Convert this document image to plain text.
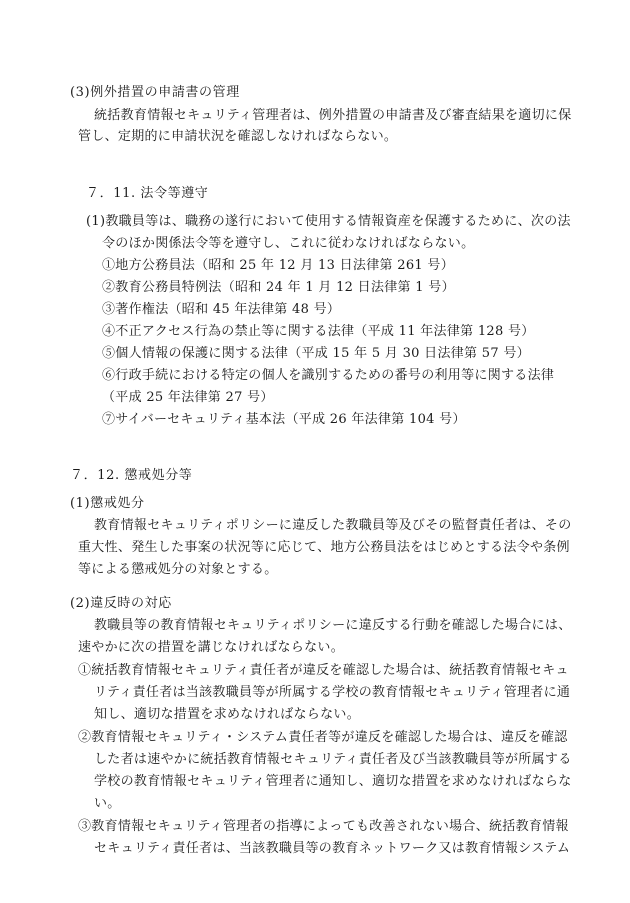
(3)例外措置の申請書の管理
統括教育情報セキュリティ管理者は、例外措置の申請書及び審査結果を適切に保
管し、定期的に申請状況を確認しなければならない。
７．11. 法令等遵守
(1)教職員等は、職務の遂行において使用する情報資産を保護するために、次の法
令のほか関係法令等を遵守し、これに従わなければならない。
①地方公務員法（昭和 25 年 12 月 13 日法律第 261 号）
②教育公務員特例法（昭和 24 年 1 月 12 日法律第 1 号）
③著作権法（昭和 45 年法律第 48 号）
④不正アクセス行為の禁止等に関する法律（平成 11 年法律第 128 号）
⑤個人情報の保護に関する法律（平成 15 年 5 月 30 日法律第 57 号）
⑥行政手続における特定の個人を識別するための番号の利用等に関する法律
（平成 25 年法律第 27 号）
⑦サイバーセキュリティ基本法（平成 26 年法律第 104 号）
７．12. 懲戒処分等
(1)懲戒処分
教育情報セキュリティポリシーに違反した教職員等及びその監督責任者は、その
重大性、発生した事案の状況等に応じて、地方公務員法をはじめとする法令や条例
等による懲戒処分の対象とする。
(2)違反時の対応
教職員等の教育情報セキュリティポリシーに違反する行動を確認した場合には、
速やかに次の措置を講じなければならない。
①統括教育情報セキュリティ責任者が違反を確認した場合は、統括教育情報セキュ
リティ責任者は当該教職員等が所属する学校の教育情報セキュリティ管理者に通
知し、適切な措置を求めなければならない。
②教育情報セキュリティ・システム責任者等が違反を確認した場合は、違反を確認
した者は速やかに統括教育情報セキュリティ責任者及び当該教職員等が所属する
学校の教育情報セキュリティ管理者に通知し、適切な措置を求めなければならな
い。
③教育情報セキュリティ管理者の指導によっても改善されない場合、統括教育情報
セキュリティ責任者は、当該教職員等の教育ネットワーク又は教育情報システム
